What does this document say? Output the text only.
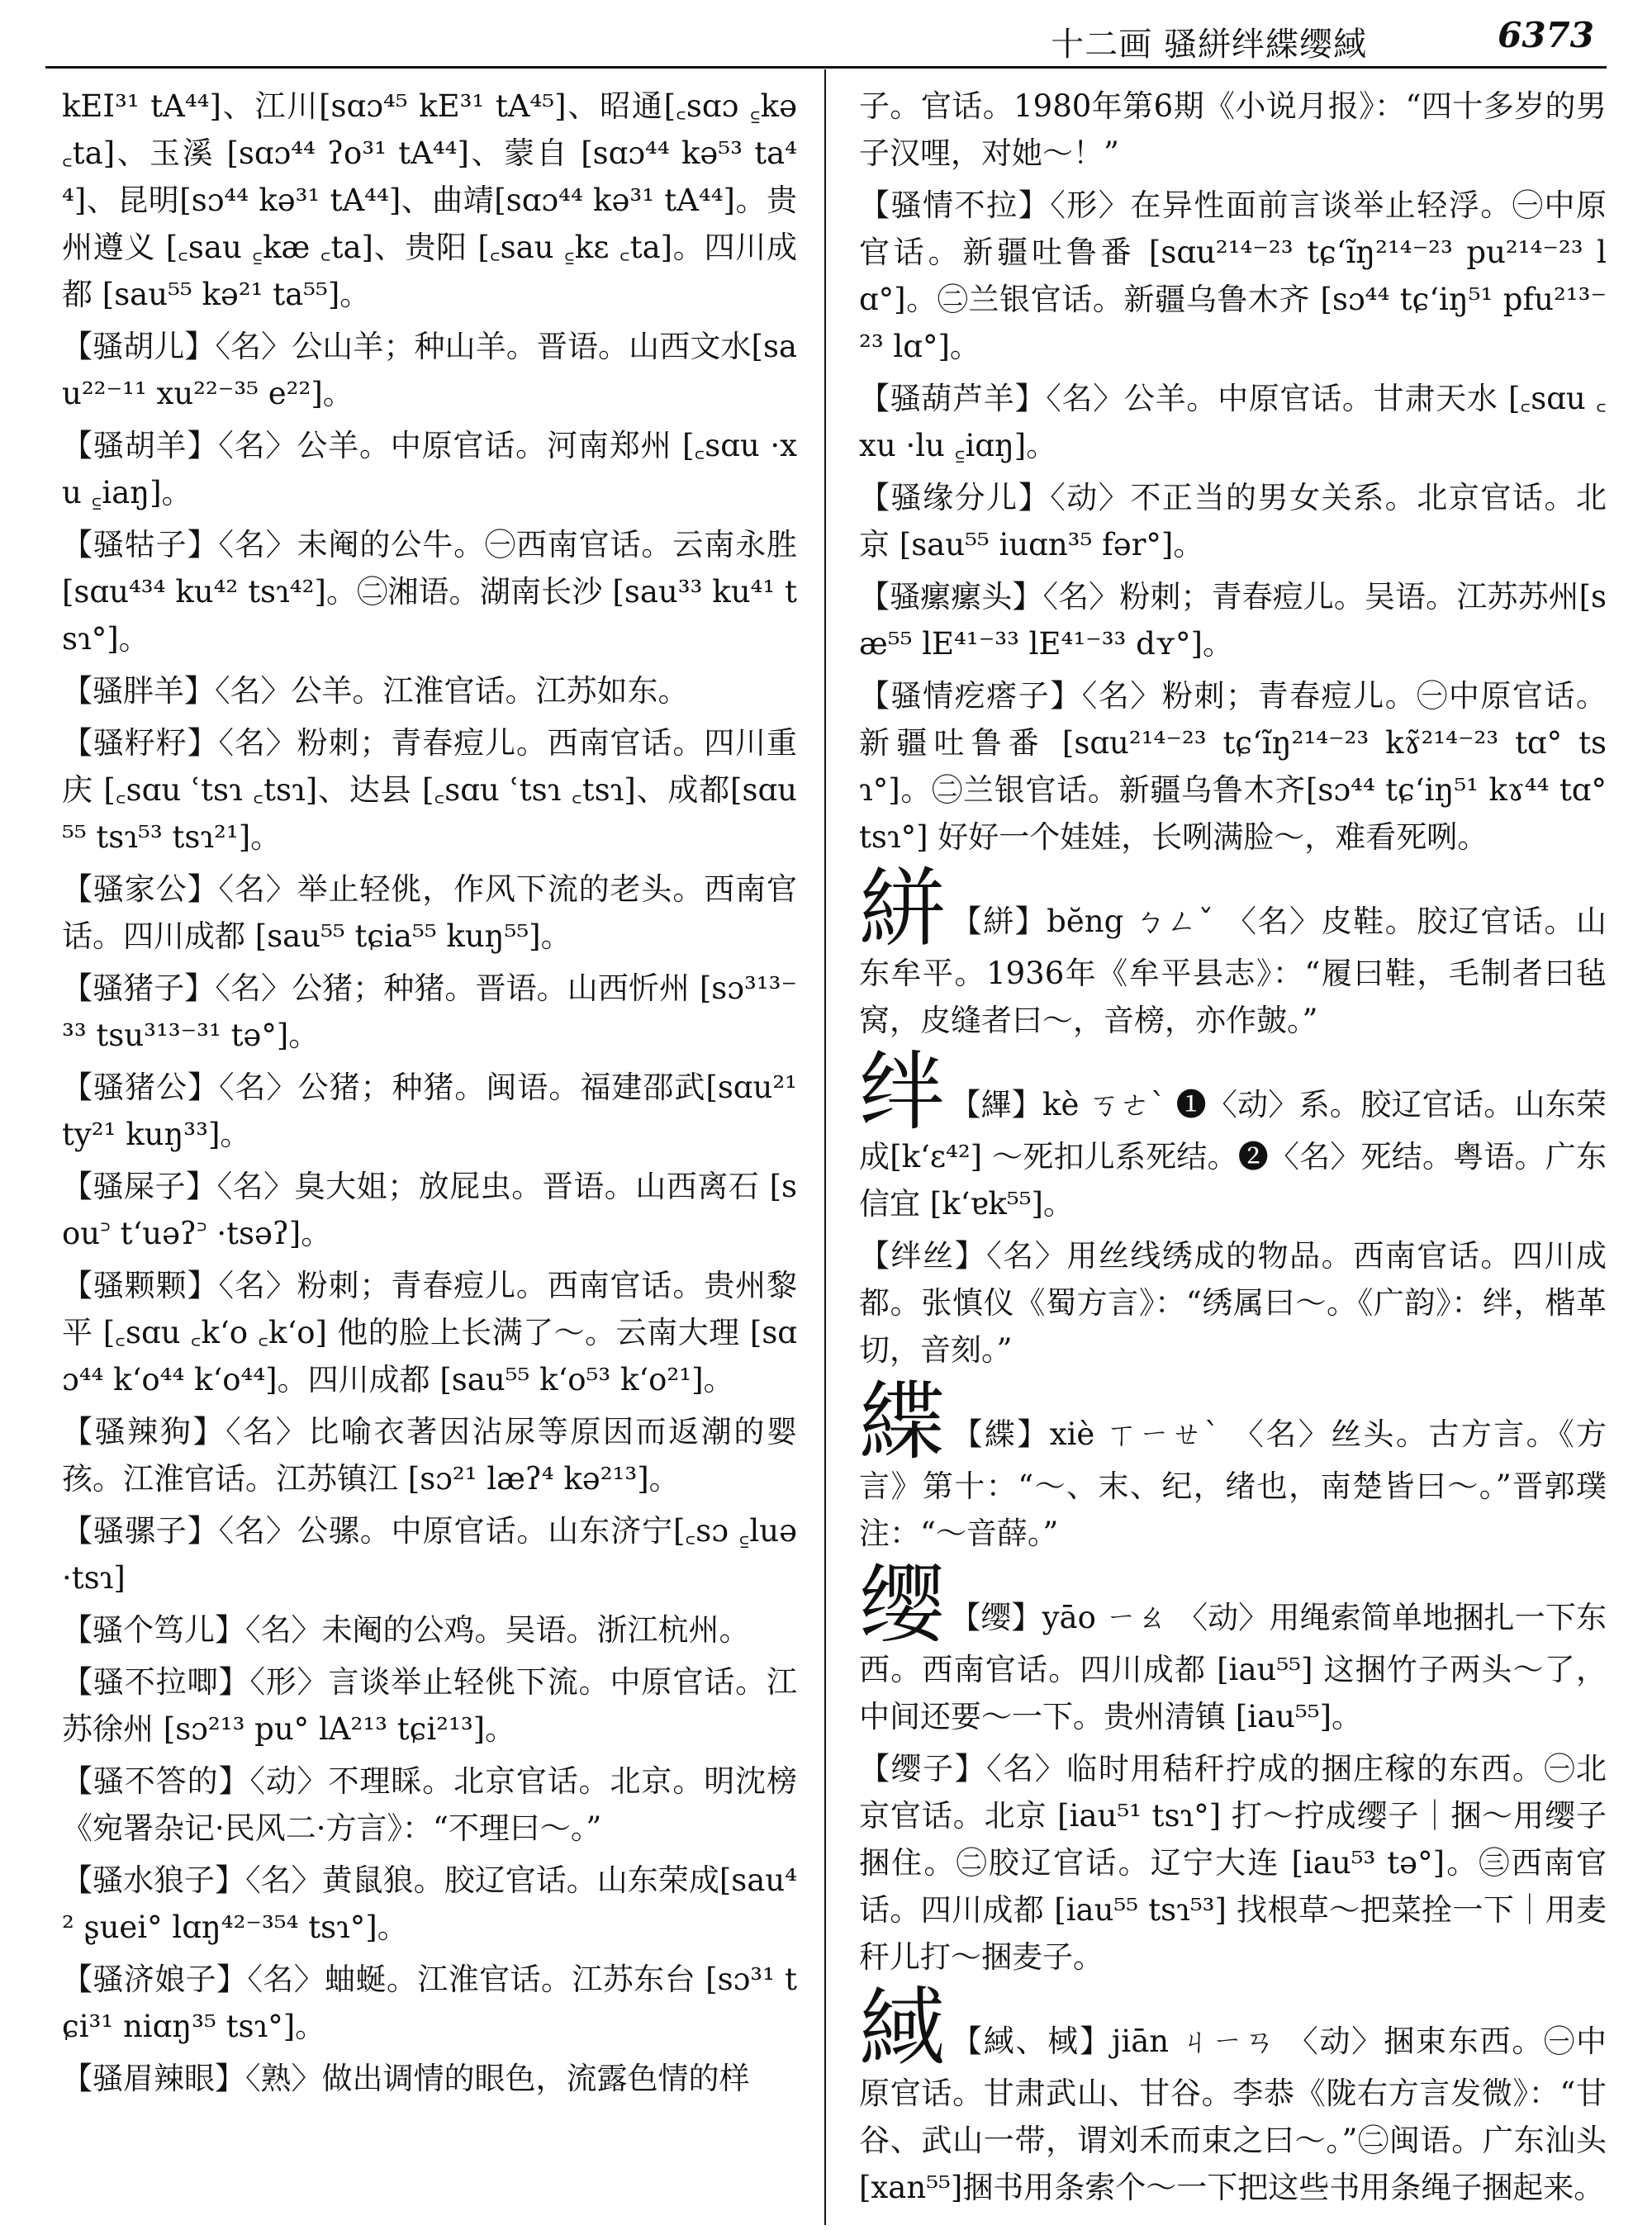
十二画 骚絣绊緤缨緎	6373

kEI³¹ tA⁴⁴]、江川[sɑɔ⁴⁵ kE³¹ tA⁴⁵]、昭通[꜀sɑɔ ꜁kə ꜀ta]、玉溪 [sɑɔ⁴⁴ ʔo³¹ tA⁴⁴]、蒙自 [sɑɔ⁴⁴ kə⁵³ ta⁴⁴]、昆明[sɔ⁴⁴ kə³¹ tA⁴⁴]、曲靖[sɑɔ⁴⁴ kə³¹ tA⁴⁴]。贵州遵义 [꜀sau ꜁kæ ꜀ta]、贵阳 [꜀sau ꜁kɛ ꜀ta]。四川成都 [sau⁵⁵ kə²¹ ta⁵⁵]。

【骚胡儿】〈名〉公山羊；种山羊。晋语。山西文水[sau²²⁻¹¹ xu²²⁻³⁵ e²²]。

【骚胡羊】〈名〉公羊。中原官话。河南郑州 [꜀sɑu ·xu ꜁iaŋ]。

【骚牯子】〈名〉未阉的公牛。㊀西南官话。云南永胜[sɑu⁴³⁴ ku⁴² tsɿ⁴²]。㊁湘语。湖南长沙 [sau³³ ku⁴¹ tsɿ°]。

【骚胖羊】〈名〉公羊。江淮官话。江苏如东。

【骚籽籽】〈名〉粉刺；青春痘儿。西南官话。四川重庆 [꜀sɑu ʿtsɿ ꜀tsɿ]、达县 [꜀sɑu ʿtsɿ ꜀tsɿ]、成都[sɑu⁵⁵ tsɿ⁵³ tsɿ²¹]。

【骚家公】〈名〉举止轻佻，作风下流的老头。西南官话。四川成都 [sau⁵⁵ tɕia⁵⁵ kuŋ⁵⁵]。

【骚猪子】〈名〉公猪；种猪。晋语。山西忻州 [sɔ³¹³⁻³³ tsu³¹³⁻³¹ tə°]。

【骚猪公】〈名〉公猪；种猪。闽语。福建邵武[sɑu²¹ ty²¹ kuŋ³³]。

【骚屎子】〈名〉臭大姐；放屁虫。晋语。山西离石 [sou꜄ tʻuəʔ꜄ ·tsəʔ]。

【骚颗颗】〈名〉粉刺；青春痘儿。西南官话。贵州黎平 [꜀sɑu ꜀kʻo ꜀kʻo] 他的脸上长满了～。云南大理 [sɑɔ⁴⁴ kʻo⁴⁴ kʻo⁴⁴]。四川成都 [sau⁵⁵ kʻo⁵³ kʻo²¹]。

【骚辣狗】〈名〉比喻衣著因沾尿等原因而返潮的婴孩。江淮官话。江苏镇江 [sɔ²¹ læʔ⁴ kə²¹³]。

【骚骡子】〈名〉公骡。中原官话。山东济宁[꜀sɔ ꜁luə ·tsɿ]

【骚个笃儿】〈名〉未阉的公鸡。吴语。浙江杭州。

【骚不拉唧】〈形〉言谈举止轻佻下流。中原官话。江苏徐州 [sɔ²¹³ pu° lA²¹³ tɕi²¹³]。

【骚不答的】〈动〉不理睬。北京官话。北京。明沈榜《宛署杂记·民风二·方言》：“不理曰～。”

【骚水狼子】〈名〉黄鼠狼。胶辽官话。山东荣成[sau⁴² ʂuei° lɑŋ⁴²⁻³⁵⁴ tsɿ°]。

【骚济娘子】〈名〉蚰蜒。江淮官话。江苏东台 [sɔ³¹ tɕi³¹ niɑŋ³⁵ tsɿ°]。

【骚眉辣眼】〈熟〉做出调情的眼色，流露色情的样

子。官话。1980年第6期《小说月报》：“四十多岁的男子汉哩，对她～！”

【骚情不拉】〈形〉在异性面前言谈举止轻浮。㊀中原官话。新疆吐鲁番 [sɑu²¹⁴⁻²³ tɕʻĩŋ²¹⁴⁻²³ pu²¹⁴⁻²³ lɑ°]。㊁兰银官话。新疆乌鲁木齐 [sɔ⁴⁴ tɕʻiŋ⁵¹ pfu²¹³⁻²³ lɑ°]。

【骚葫芦羊】〈名〉公羊。中原官话。甘肃天水 [꜀sɑu ꜀xu ·lu ꜁iɑŋ]。

【骚缘分儿】〈动〉不正当的男女关系。北京官话。北京 [sau⁵⁵ iuɑn³⁵ fər°]。

【骚瘰瘰头】〈名〉粉刺；青春痘儿。吴语。江苏苏州[sæ⁵⁵ lE⁴¹⁻³³ lE⁴¹⁻³³ dʏ°]。

【骚情疙瘩子】〈名〉粉刺；青春痘儿。㊀中原官话。新疆吐鲁番 [sɑu²¹⁴⁻²³ tɕʻĩŋ²¹⁴⁻²³ kɤ̃²¹⁴⁻²³ tɑ° tsɿ°]。㊁兰银官话。新疆乌鲁木齐[sɔ⁴⁴ tɕʻiŋ⁵¹ kɤ⁴⁴ tɑ° tsɿ°] 好好一个娃娃，长咧满脸～，难看死咧。

絣 【絣】bĕng ㄅㄥˇ 〈名〉皮鞋。胶辽官话。山东牟平。1936年《牟平县志》：“履曰鞋，毛制者曰毡窝，皮缝者曰～，音榜，亦作皷。”

绊 【縪】kè ㄎㄜˋ ❶〈动〉系。胶辽官话。山东荣成[kʻɛ⁴²] ～死扣儿系死结。❷〈名〉死结。粤语。广东信宜 [kʻɐk⁵⁵]。

【绊丝】〈名〉用丝线绣成的物品。西南官话。四川成都。张慎仪《蜀方言》：“绣属曰～。《广韵》：绊，楷革切，音刻。”

緤 【緤】xiè ㄒㄧㄝˋ 〈名〉丝头。古方言。《方言》第十：“～、末、纪，绪也，南楚皆曰～。”晋郭璞注：“～音薛。”

缨 【缨】yāo ㄧㄠ 〈动〉用绳索简单地捆扎一下东西。西南官话。四川成都 [iau⁵⁵] 这捆竹子两头～了，中间还要～一下。贵州清镇 [iau⁵⁵]。

【缨子】〈名〉临时用秸秆拧成的捆庄稼的东西。㊀北京官话。北京 [iau⁵¹ tsɿ°] 打～拧成缨子｜捆～用缨子捆住。㊁胶辽官话。辽宁大连 [iau⁵³ tə°]。㊂西南官话。四川成都 [iau⁵⁵ tsɿ⁵³] 找根草～把菜拴一下｜用麦秆儿打～捆麦子。

緎 【緎、棫】jiān ㄐㄧㄢ 〈动〉捆束东西。㊀中原官话。甘肃武山、甘谷。李恭《陇右方言发微》：“甘谷、武山一带，谓刘禾而束之曰～。”㊁闽语。广东汕头[xan⁵⁵]捆书用条索个～一下把这些书用条绳子捆起来。
